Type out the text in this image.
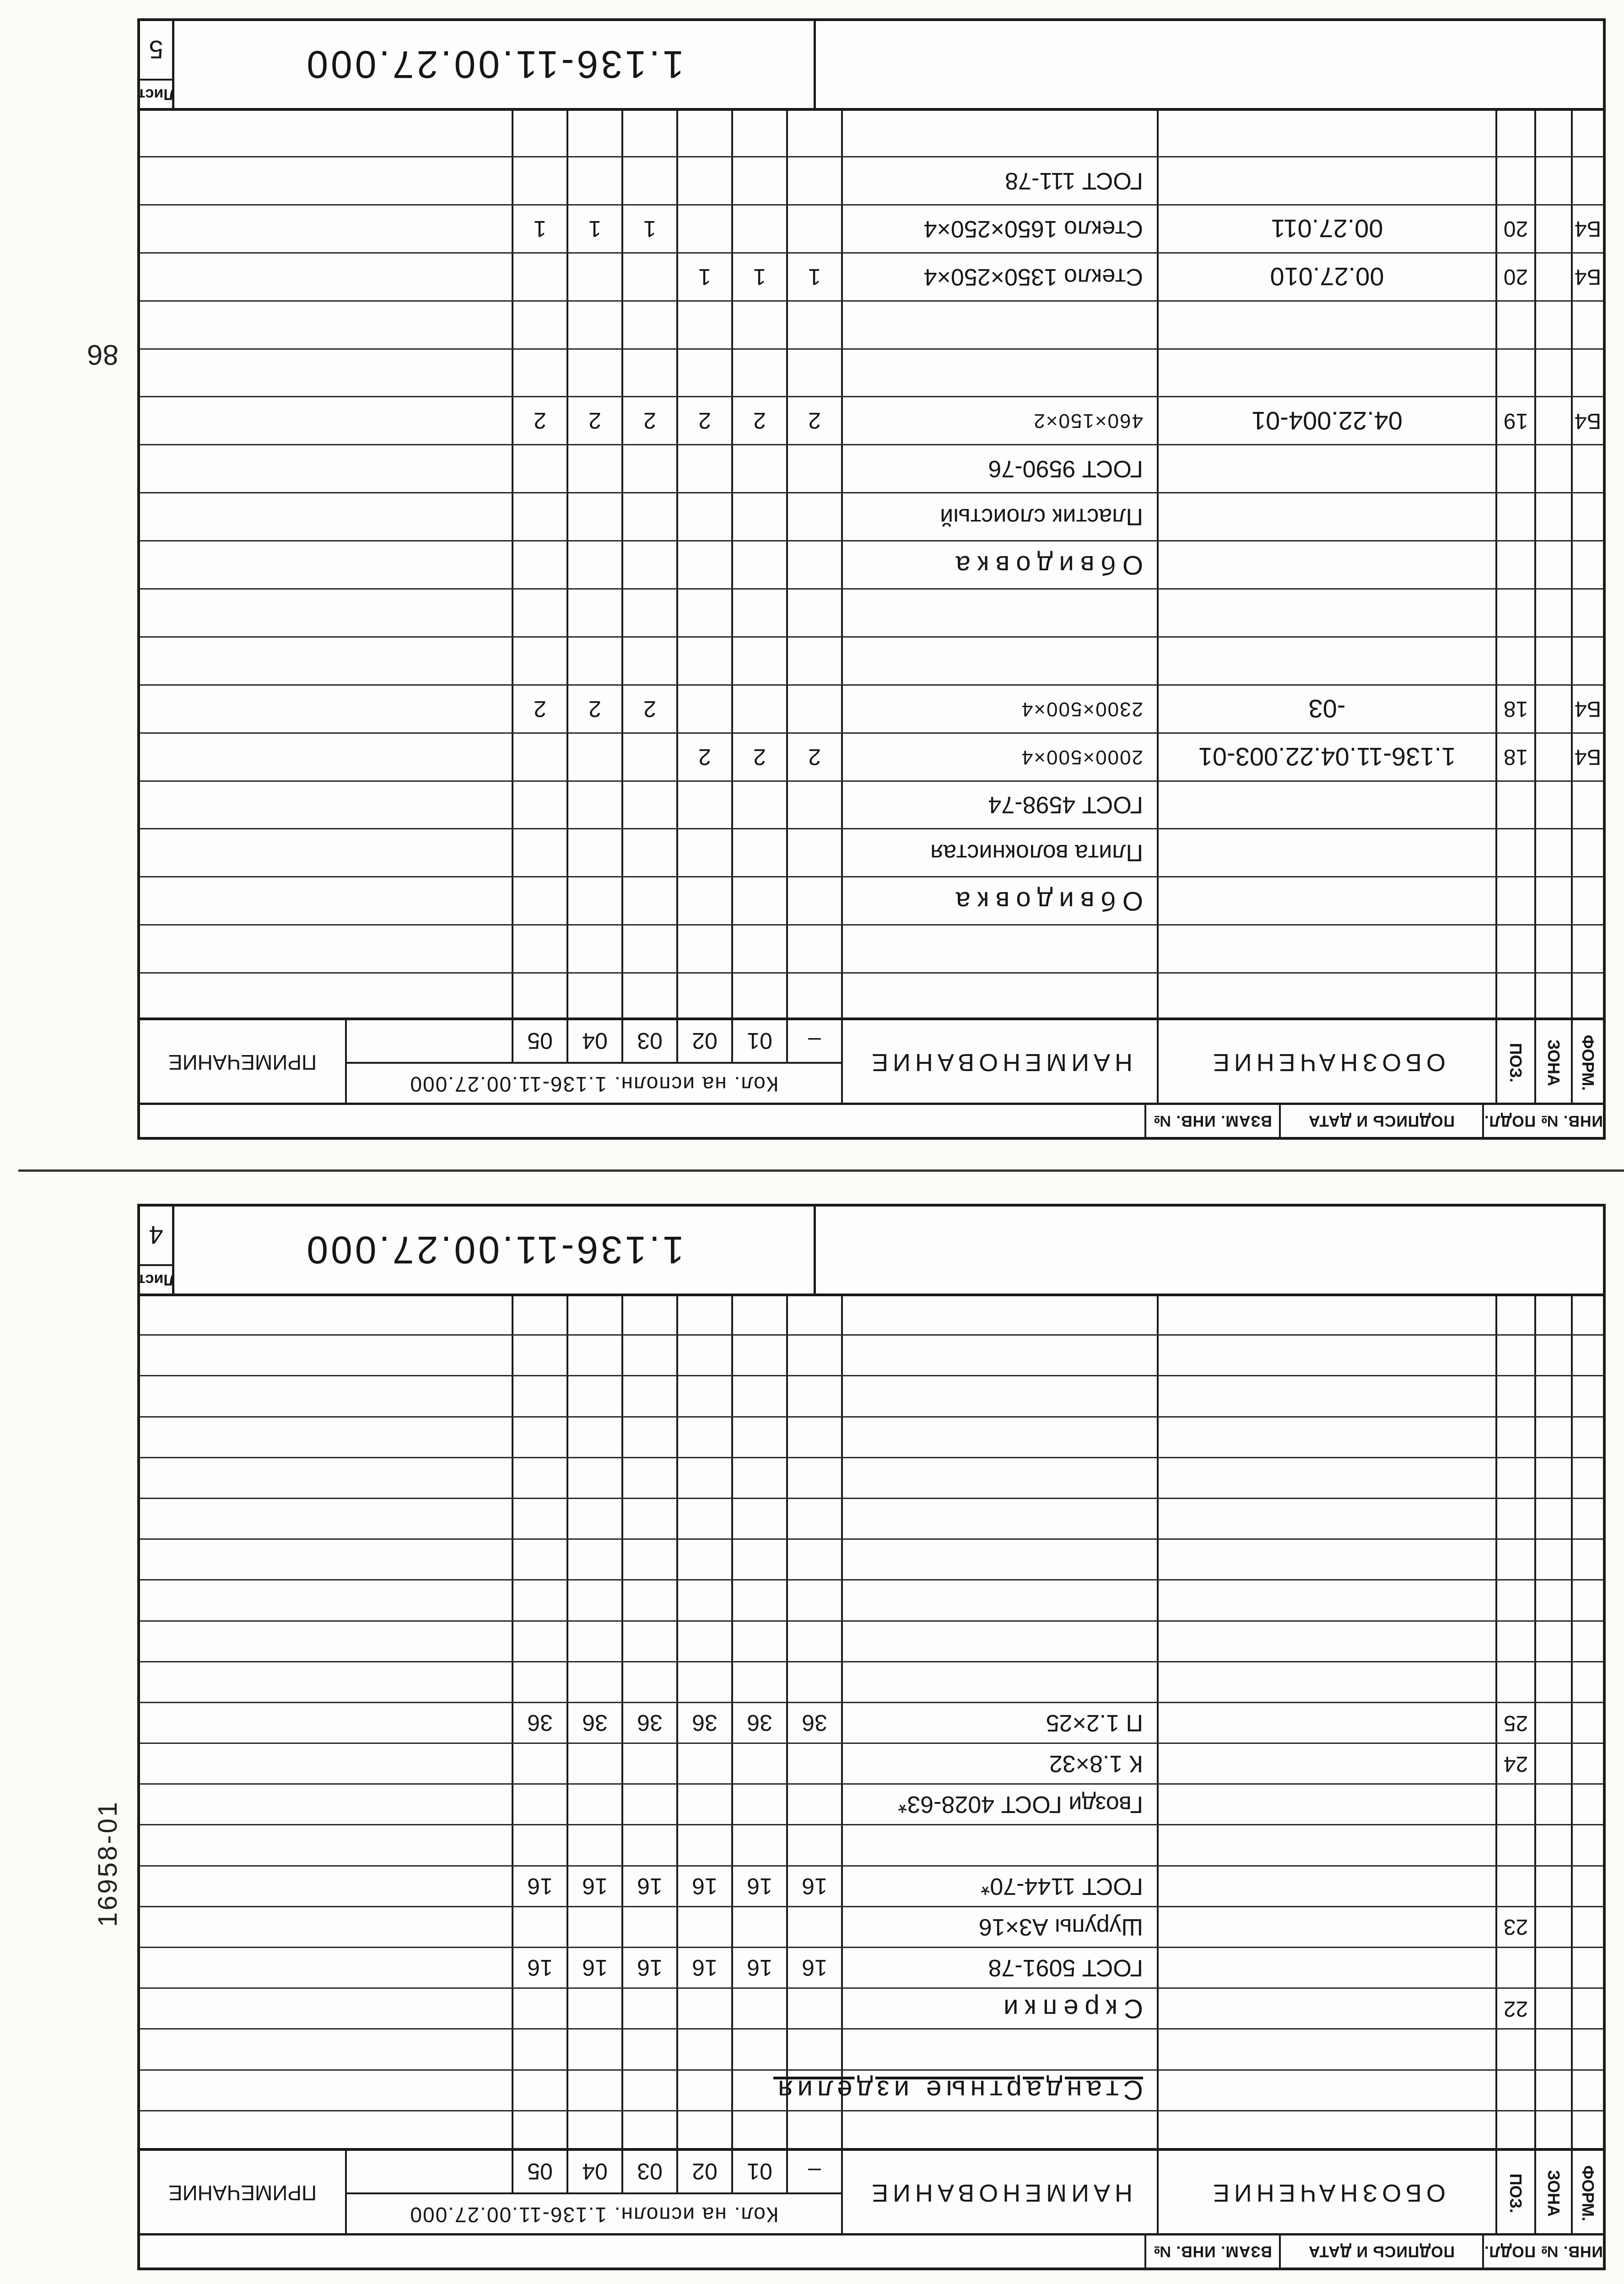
16958-01
86
ИНВ. № ПОДЛ.
ПОДПИСЬ И ДАТА
ВЗАМ. ИНВ. №
ФОРМ.
ЗОНА
ПОЗ.
ОБОЗНАЧЕНИЕ
НАИМЕНОВАНИЕ
Кол. на исполн. 1.136-11.00.27.000
–
01
02
03
04
05
ПРИМЕЧАНИЕ
Стандартные изделия
22
Скрепки
ГОСТ 5091-78
16
16
16
16
16
16
23
Шурупы А3×16
ГОСТ 1144-70*
16
16
16
16
16
16
Гвозди ГОСТ 4028-63*
24
К 1.8×32
25
П 1.2×25
36
36
36
36
36
36
1.136-11.00.27.000
Лист
4
ИНВ. № ПОДЛ.
ПОДПИСЬ И ДАТА
ВЗАМ. ИНВ. №
ФОРМ.
ЗОНА
ПОЗ.
ОБОЗНАЧЕНИЕ
НАИМЕНОВАНИЕ
Кол. на исполн. 1.136-11.00.27.000
–
01
02
03
04
05
ПРИМЕЧАНИЕ
Обвидовка
Плита волокнистая
ГОСТ 4598-74
Б4
18
1.136-11.04.22.003-01
2000×500×4
2
2
2
Б4
18
-03
2300×500×4
2
2
2
Обвидовка
Пластик слоистый
ГОСТ 9590-76
Б4
19
04.22.004-01
460×150×2
2
2
2
2
2
2
Б4
20
00.27.010
Стекло 1350×250×4
1
1
1
Б4
20
00.27.011
Стекло 1650×250×4
1
1
1
ГОСТ 111-78
1.136-11.00.27.000
Лист
5
